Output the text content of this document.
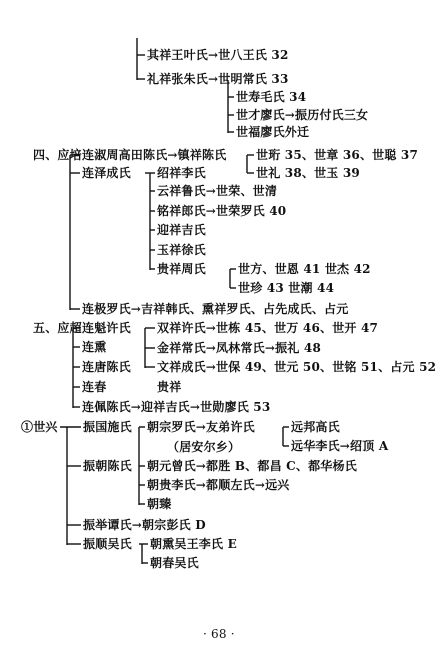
其祥王叶氏→世八王氏 32
礼祥张朱氏→世明常氏 33
世寿毛氏 34
世才廖氏→振历付氏三女
世福廖氏外迁
四、应培 连淑周高田陈氏→镇祥陈氏 世珩 35、世章 36、世聪 37
世礼 38、世玉 39
连泽成氏 绍祥李氏
云祥鲁氏→世荣、世清
铭祥郎氏→世荣罗氏 40
迎祥吉氏
玉祥徐氏
贵祥周氏	世方、世恩 41 世杰 42
世珍 43 世潮 44
连极罗氏→吉祥韩氏、熏祥罗氏、占先成氏、占元
五、应超 连魁许氏 双祥许氏→世栋 45、世万 46、世开 47
连熏	金祥常氏→凤林常氏→振礼 48
连唐陈氏 文祥成氏→世保 49、世元 50、世铭 51、占元 52
连春	贵祥
连佩陈氏→迎祥吉氏→世勋廖氏 53
①世兴 振国施氏 朝宗罗氏→友弟许氏	远邦高氏
远华李氏→绍顶 A
（居安尔乡）
振朝陈氏 朝元曾氏→都胜 B、都昌 C、都华杨氏
朝贵李氏→都顺左氏→远兴
朝臻
振举谭氏→朝宗彭氏 D
振顺吴氏 朝熏吴王李氏 E
朝春吴氏
· 68 ·
